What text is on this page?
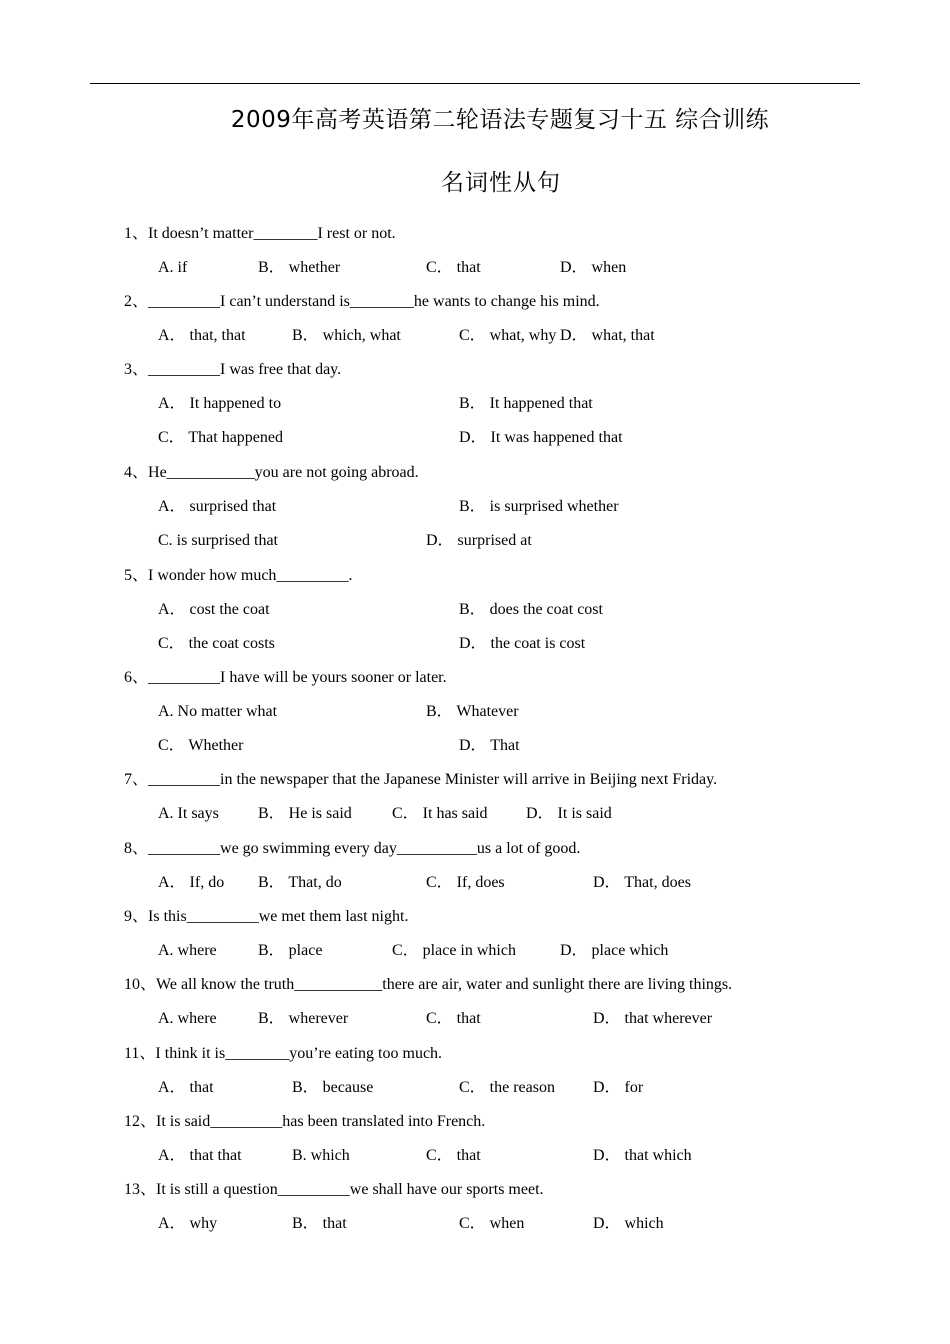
2009年高考英语第二轮语法专题复习十五 综合训练
名词性从句
1、It doesn’t matter________I rest or not.
A. if	B． whether	C． that	D． when
2、_________I can’t understand is________he wants to change his mind.
A． that, that	B． which, what	C． what, why D． what, that
3、_________I was free that day.
A． It happened to	B． It happened that
C． That happened	D． It was happened that
4、He___________you are not going abroad.
A． surprised that	B． is surprised whether
C. is surprised that	D． surprised at
5、I wonder how much_________.
A． cost the coat	B． does the coat cost
C． the coat costs	D． the coat is cost
6、_________I have will be yours sooner or later.
A. No matter what	B． Whatever
C． Whether	D． That
7、_________in the newspaper that the Japanese Minister will arrive in Beijing next Friday.
A. It says B． He is said	C． It has said D． It is said
8、_________we go swimming every day__________us a lot of good.
A． If, do B． That, do	C． If, does	D． That, does
9、Is this_________we met them last night.
A. where	B． place	C． place in which	D． place which
10、We all know the truth___________there are air, water and sunlight there are living things.
A. where	B． wherever	C． that	D． that wherever
11、I think it is________you’re eating too much.
A． that	B． because	C． the reason D． for
12、It is said_________has been translated into French.
A． that that	B. which	C． that	D． that which
13、It is still a question_________we shall have our sports meet.
A． why	B． that	C． when	D． which
